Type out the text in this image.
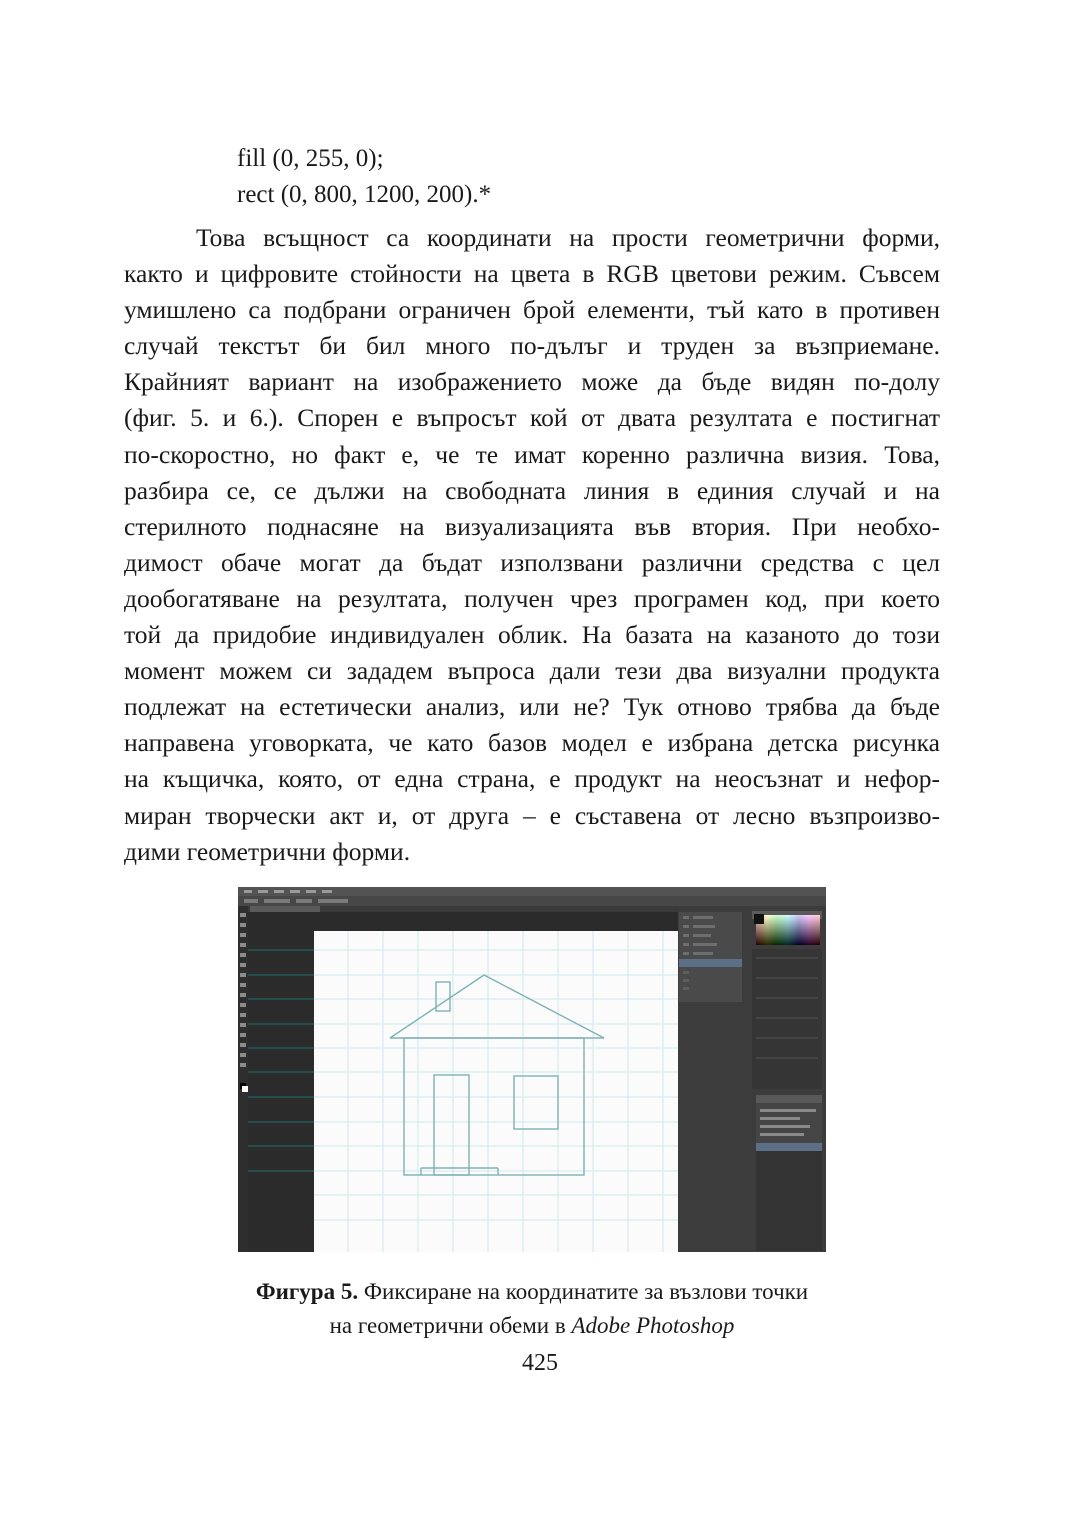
fill (0, 255, 0);

rect (0, 800, 1200, 200).*

Това всъщност са координати на прости геометрични форми,
както и цифровите стойности на цвета в RGB цветови режим. Съвсем
умишлено са подбрани ограничен брой елементи, тъй като в противен
случай текстът би бил много по-дълъг и труден за възприемане.
Крайният вариант на изображението може да бъде видян по-долу
(фиг. 5. и 6.). Спорен е въпросът кой от двата резултата е постигнат
по-скоростно, но факт е, че те имат коренно различна визия. Това,
разбира се, се дължи на свободната линия в единия случай и на
стерилното поднасяне на визуализацията във втория. При необхо-
димост обаче могат да бъдат използвани различни средства с цел
дообогатяване на резултата, получен чрез програмен код, при което
той да придобие индивидуален облик. На базата на казаното до този
момент можем си зададем въпроса дали тези два визуални продукта
подлежат на естетически анализ, или не? Тук отново трябва да бъде
направена уговорката, че като базов модел е избрана детска рисунка
на къщичка, която, от една страна, е продукт на неосъзнат и нефор-
миран творчески акт и, от друга – е съставена от лесно възпроизво-
дими геометрични форми.

Фигура 5. Фиксиране на координатите за възлови точки

на геометрични обеми в Adobe Photoshop

425
